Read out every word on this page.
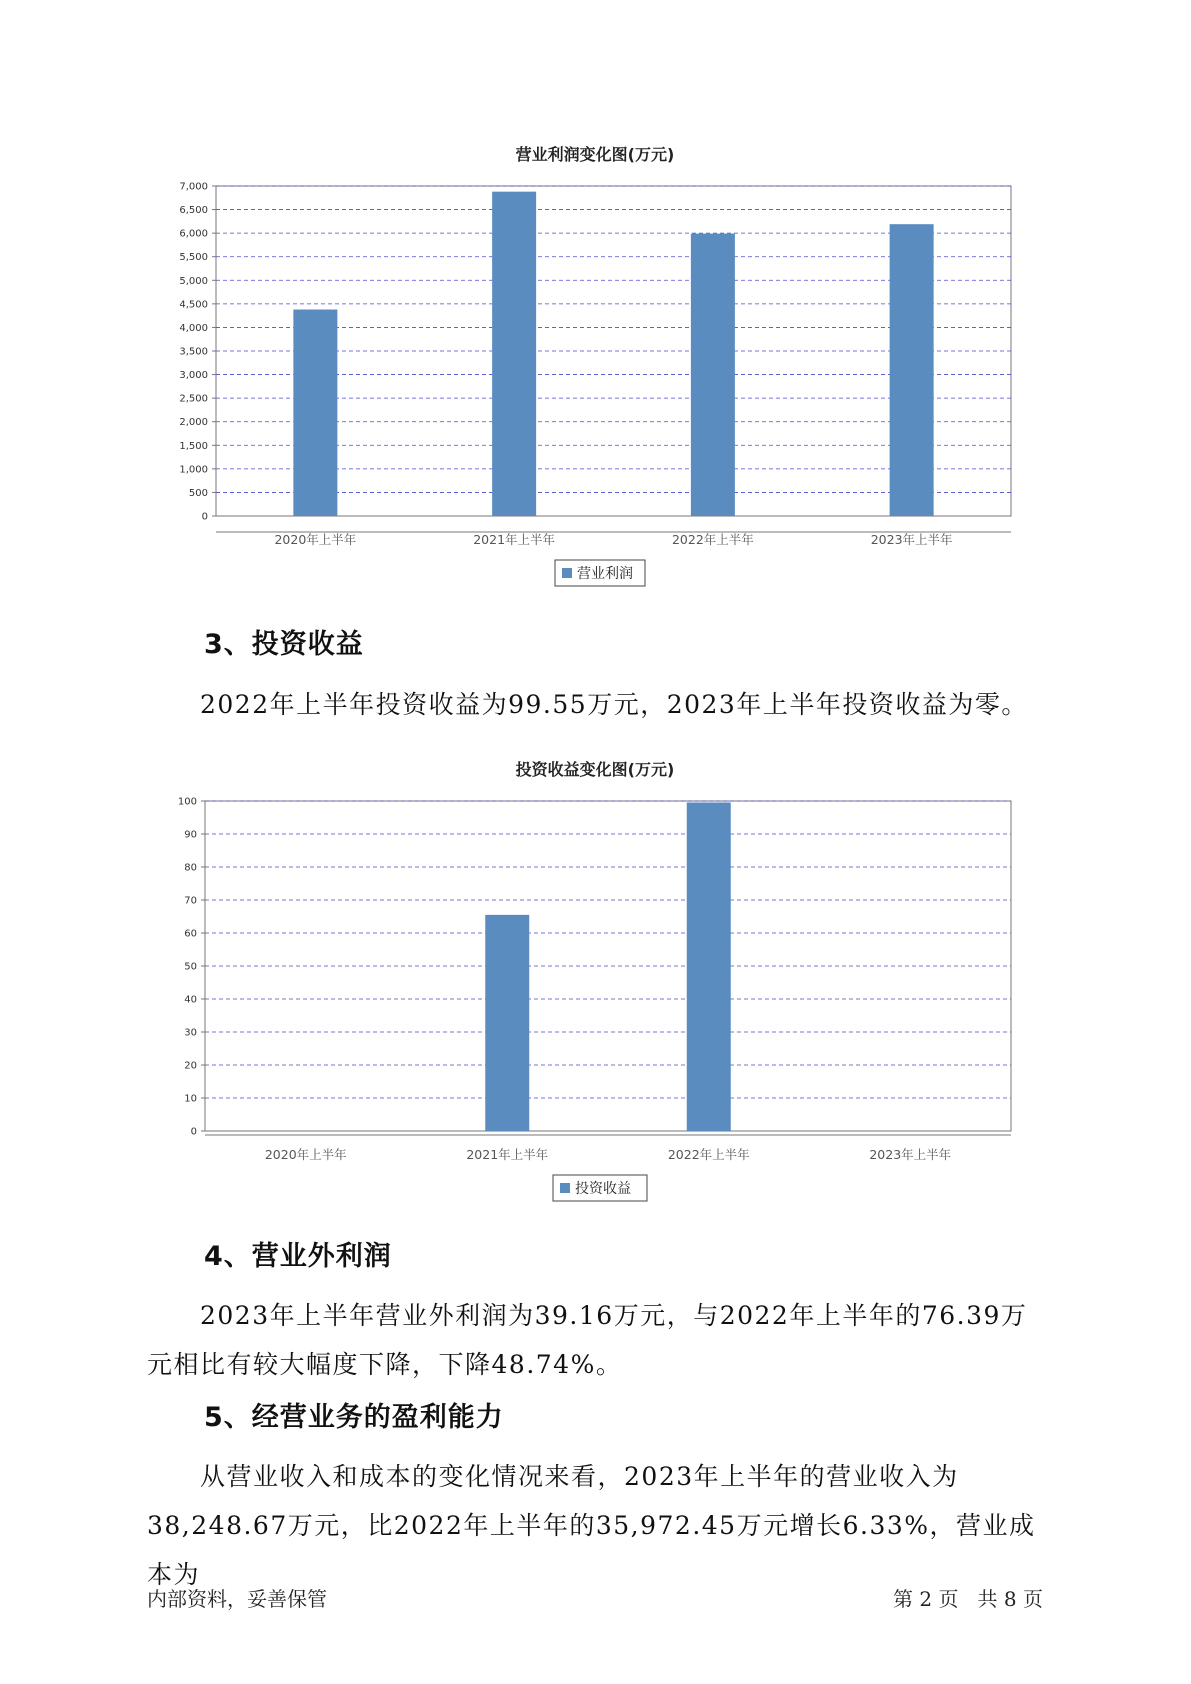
营业利润变化图(万元)
0
500
1,000
1,500
2,000
2,500
3,000
3,500
4,000
4,500
5,000
5,500
6,000
6,500
7,000
2020年上半年	2021年上半年	2022年上半年	2023年上半年
营业利润
3、投资收益

2022年上半年投资收益为99.55万元，2023年上半年投资收益为零。

投资收益变化图(万元)
0
10
20
30
40
50
60
70
80
90
100
2020年上半年	2021年上半年	2022年上半年	2023年上半年
投资收益
4、营业外利润

2023年上半年营业外利润为39.16万元，与2022年上半年的76.39万元相比有较大幅度下降，下降48.74%。

5、经营业务的盈利能力

从营业收入和成本的变化情况来看，2023年上半年的营业收入为38,248.67万元，比2022年上半年的35,972.45万元增长6.33%，营业成本为

内部资料，妥善保管	第 2 页   共 8 页
